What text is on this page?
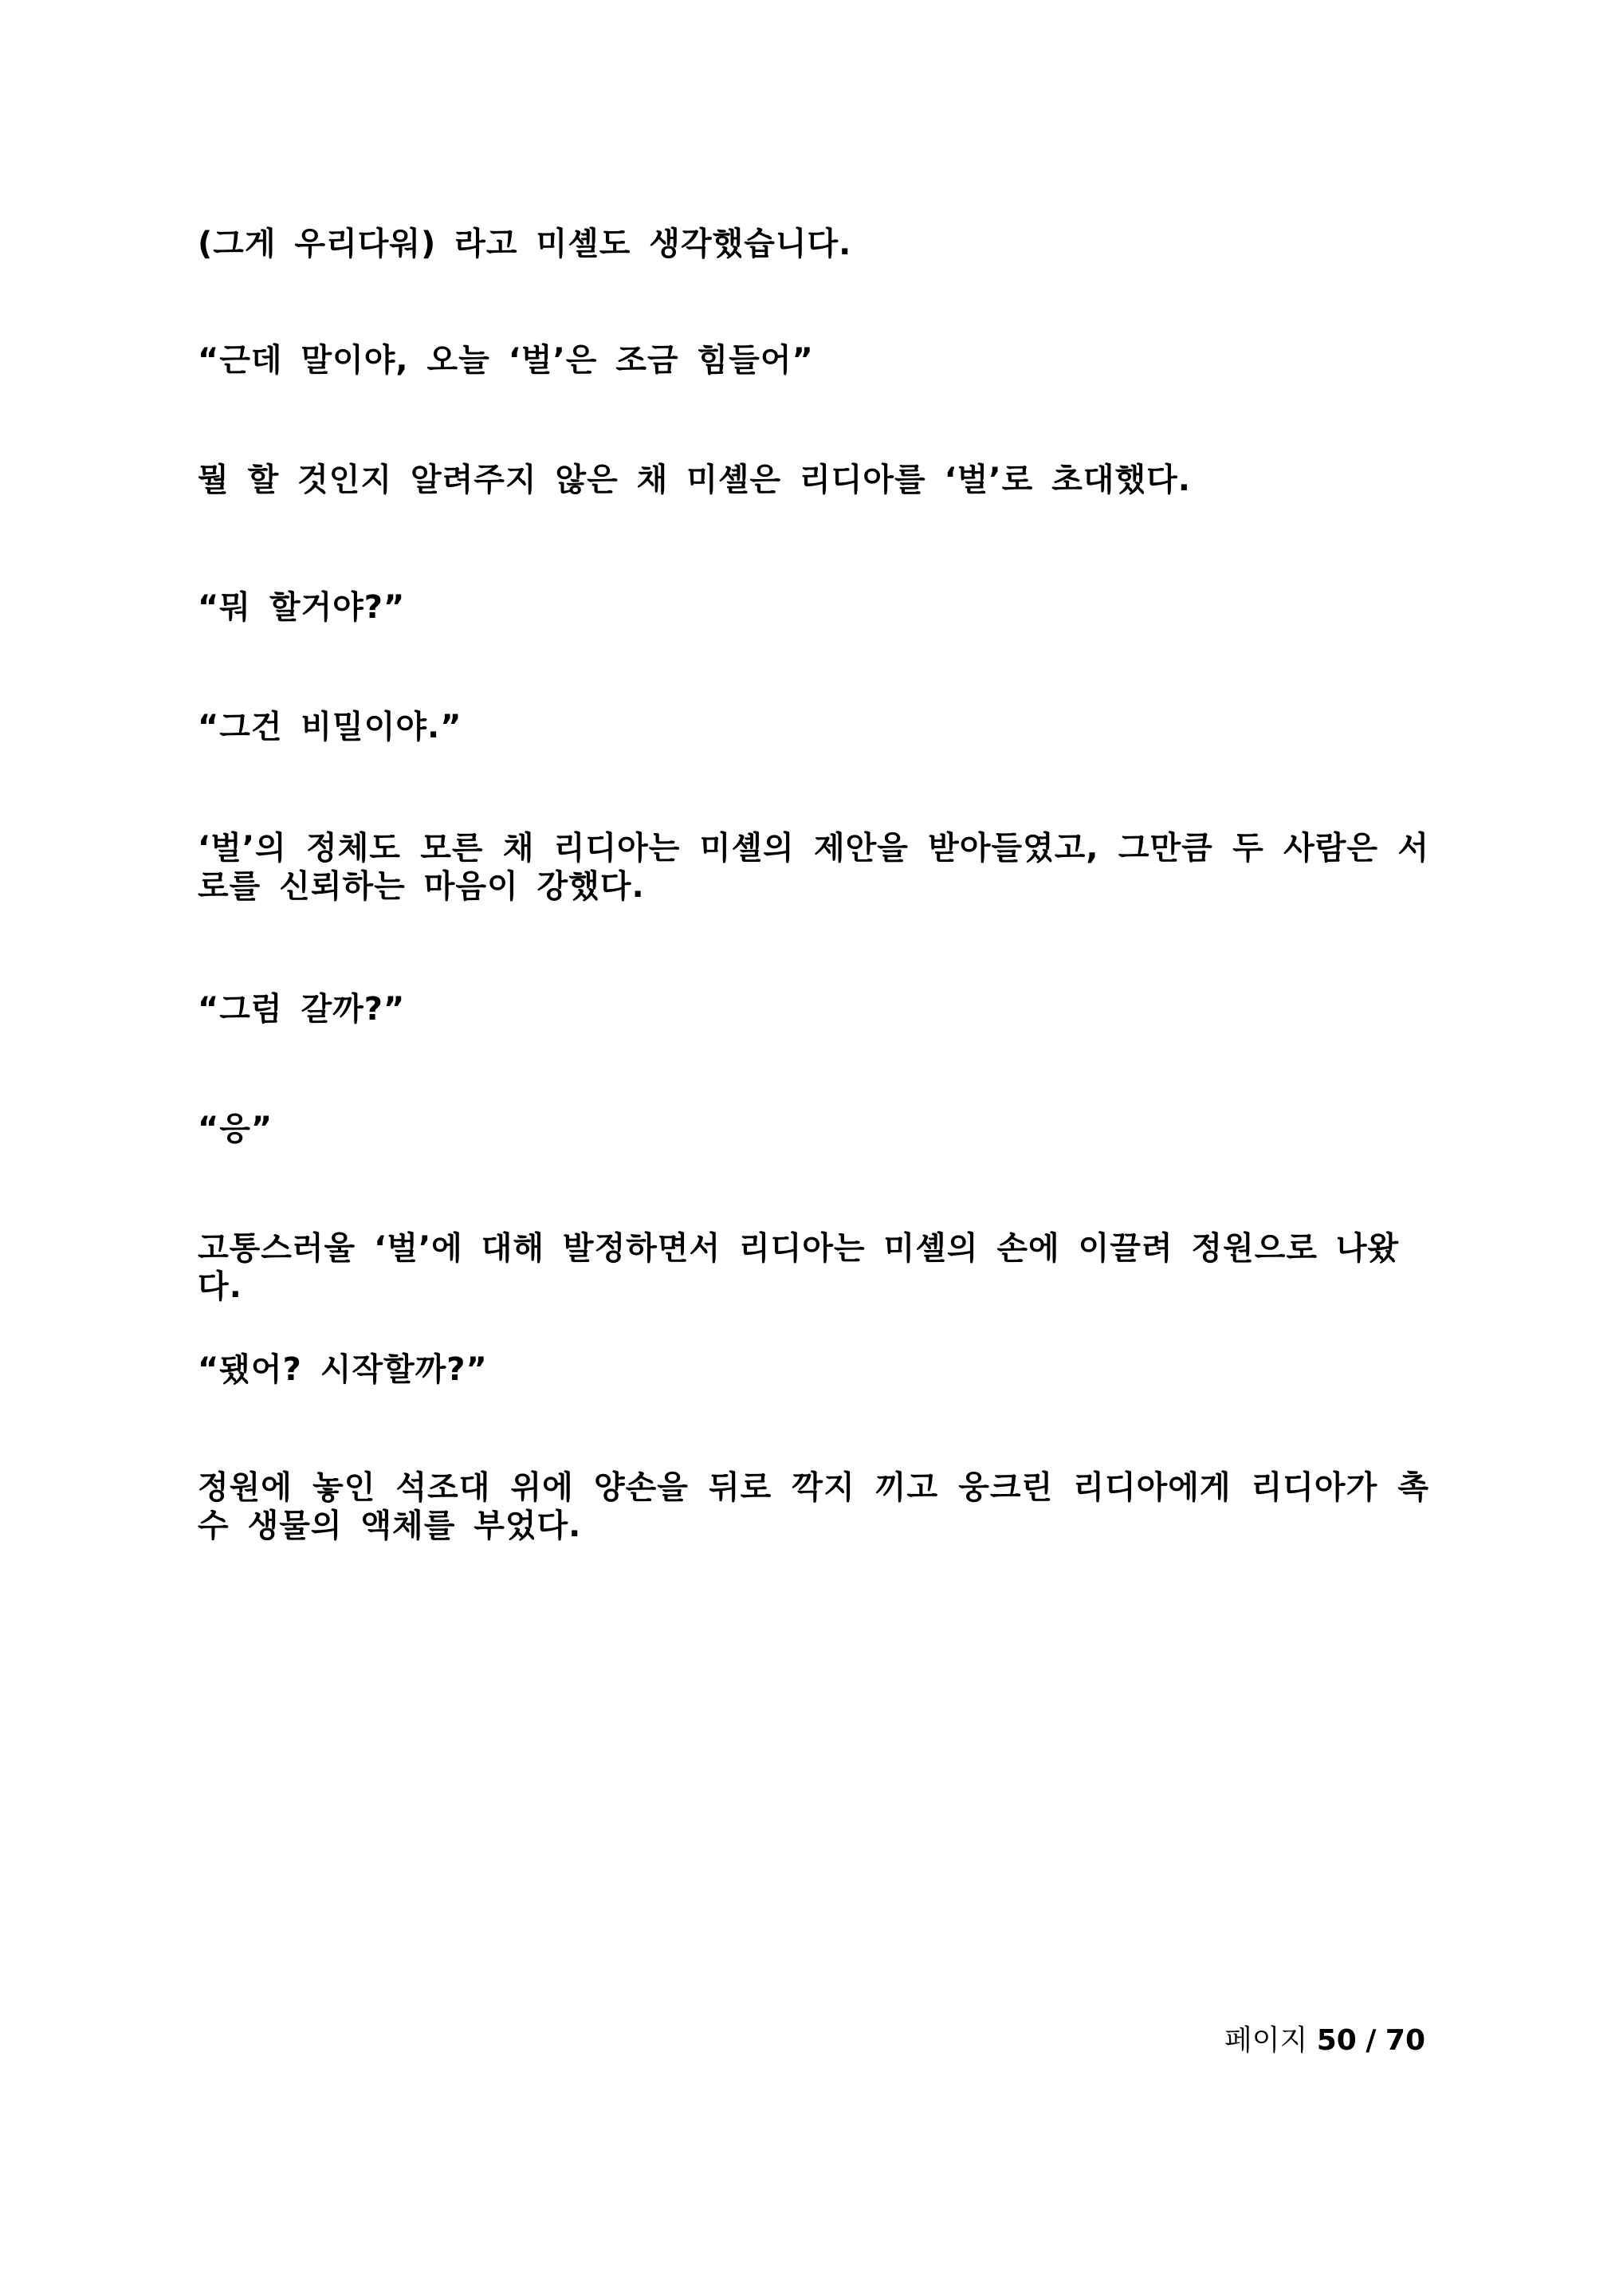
(그게 우리다워) 라고 미셸도 생각했습니다.

“근데 말이야, 오늘 ‘벌’은 조금 힘들어”

뭘 할 것인지 알려주지 않은 채 미셸은 리디아를 ‘벌’로 초대했다.

“뭐 할거야?”

“그건 비밀이야.”

‘벌’의 정체도 모른 채 리디아는 미셸의 제안을 받아들였고, 그만큼 두 사람은 서로를 신뢰하는 마음이 강했다.

“그럼 갈까?”

“응”

고통스러울 ‘벌’에 대해 발정하면서 리디아는 미셸의 손에 이끌려 정원으로 나왔다.

“됐어? 시작할까?”

정원에 놓인 석조대 위에 양손을 뒤로 깍지 끼고 웅크린 리디아에게 리디아가 촉수 생물의 액체를 부었다.

페이지 50 / 70
